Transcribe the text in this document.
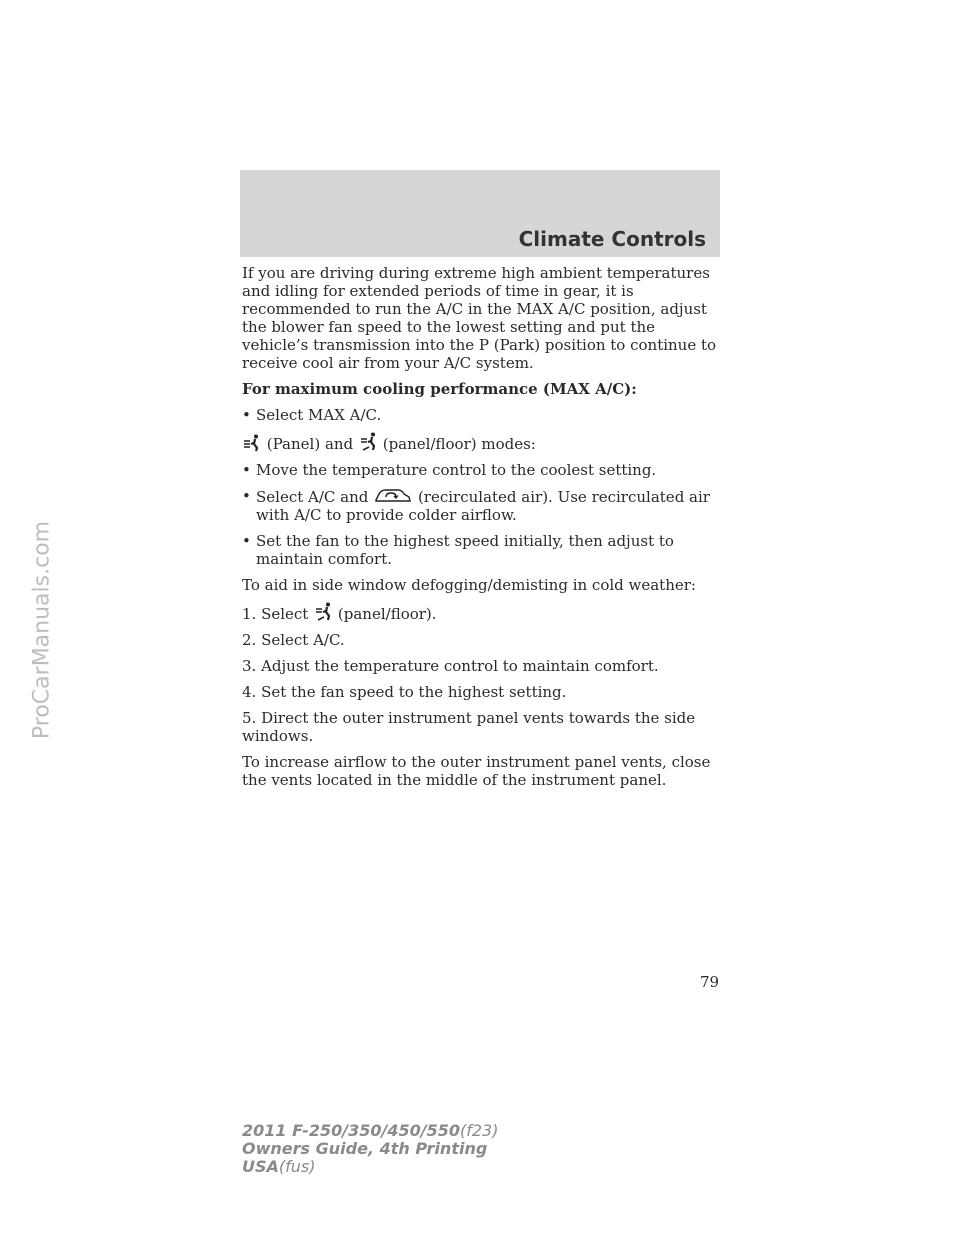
Climate Controls

If you are driving during extreme high ambient temperatures and idling for extended periods of time in gear, it is recommended to run the A/C in the MAX A/C position, adjust the blower fan speed to the lowest setting and put the vehicle’s transmission into the P (Park) position to continue to receive cool air from your A/C system.

For maximum cooling performance (MAX A/C):

• Select MAX A/C.

(Panel) and (panel/floor) modes:

• Move the temperature control to the coolest setting.
• Select A/C and	(recirculated air). Use recirculated air with A/C to provide colder airflow.
• Set the fan to the highest speed initially, then adjust to maintain comfort.

To aid in side window defogging/demisting in cold weather:

1. Select (panel/floor).

2. Select A/C.

3. Adjust the temperature control to maintain comfort.

4. Set the fan speed to the highest setting.

5. Direct the outer instrument panel vents towards the side windows.

To increase airflow to the outer instrument panel vents, close the vents located in the middle of the instrument panel.

79
2011 F-250/350/450/550(f23)
Owners Guide, 4th Printing
USA(fus)
ProCarManuals.com
